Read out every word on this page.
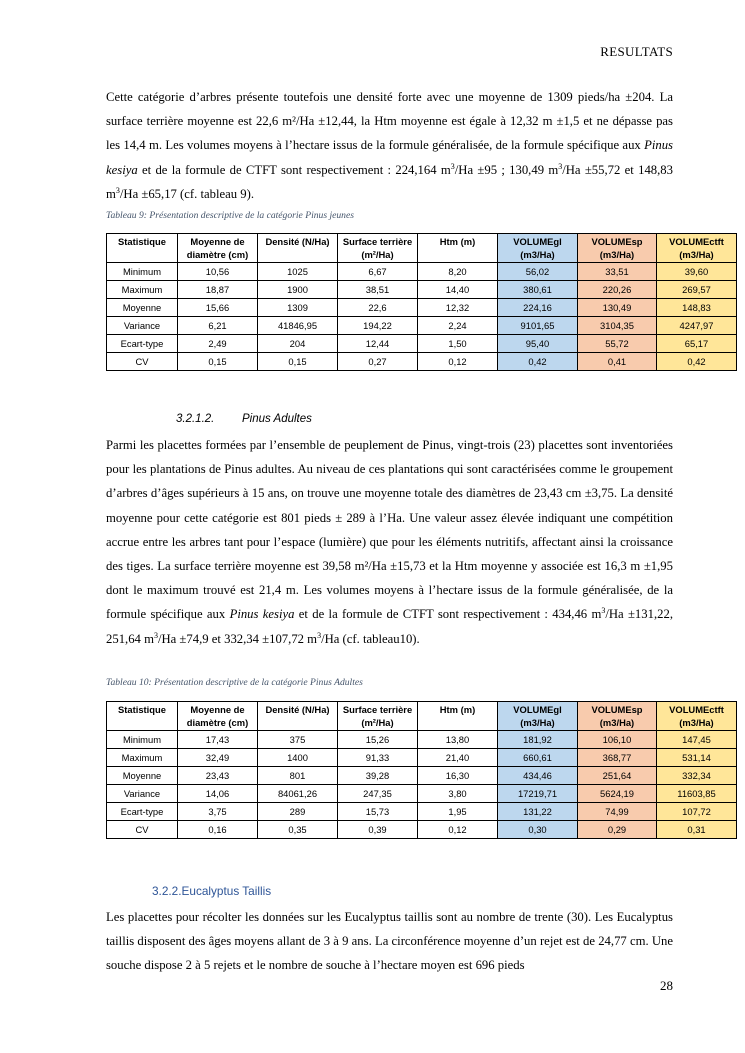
RESULTATS

Cette catégorie d’arbres présente toutefois une densité forte avec une moyenne de 1309 pieds/ha ±204. La surface terrière moyenne est 22,6 m²/Ha ±12,44, la Htm moyenne est égale à 12,32 m ±1,5 et ne dépasse pas les 14,4 m. Les volumes moyens à l’hectare issus de la formule généralisée, de la formule spécifique aux Pinus kesiya et de la formule de CTFT sont respectivement : 224,164 $m^3/Ha \pm 95$ ; 130,49 $m^3/Ha \pm 55,72$ et 148,83 $m^3/Ha \pm 65,17$ (cf. tableau 9).

Tableau 9: Présentation descriptive de la catégorie Pinus jeunes

Statistique	Moyenne de diamètre (cm)	Densité (N/Ha)	Surface terrière (m²/Ha)	Htm (m)	VOLUMEgl (m3/Ha)	VOLUMEsp (m3/Ha)	VOLUMEctft (m3/Ha)
Minimum	10,56	1025	6,67	8,20	56,02	33,51	39,60
Maximum	18,87	1900	38,51	14,40	380,61	220,26	269,57
Moyenne	15,66	1309	22,6	12,32	224,16	130,49	148,83
Variance	6,21	41846,95	194,22	2,24	9101,65	3104,35	4247,97
Ecart-type	2,49	204	12,44	1,50	95,40	55,72	65,17
CV	0,15	0,15	0,27	0,12	0,42	0,41	0,42
3.2.1.2. Pinus Adultes

Parmi les placettes formées par l’ensemble de peuplement de Pinus, vingt-trois (23) placettes sont inventoriées pour les plantations de Pinus adultes. Au niveau de ces plantations qui sont caractérisées comme le groupement d’arbres d’âges supérieurs à 15 ans, on trouve une moyenne totale des diamètres de 23,43 cm ±3,75. La densité moyenne pour cette catégorie est 801 pieds ± 289 à l’Ha. Une valeur assez élevée indiquant une compétition accrue entre les arbres tant pour l’espace (lumière) que pour les éléments nutritifs, affectant ainsi la croissance des tiges. La surface terrière moyenne est 39,58 m²/Ha ±15,73 et la Htm moyenne y associée est 16,3 m ±1,95 dont le maximum trouvé est 21,4 m. Les volumes moyens à l’hectare issus de la formule généralisée, de la formule spécifique aux Pinus kesiya et de la formule de CTFT sont respectivement : 434,46 $m^3/Ha \pm 131,22$, 251,64 $m^3/Ha \pm 74,9$ et 332,34 ±107,72 $m^3/Ha$ (cf. tableau10).

Tableau 10: Présentation descriptive de la catégorie Pinus Adultes

Statistique	Moyenne de diamètre (cm)	Densité (N/Ha)	Surface terrière (m²/Ha)	Htm (m)	VOLUMEgl (m3/Ha)	VOLUMEsp (m3/Ha)	VOLUMEctft (m3/Ha)
Minimum	17,43	375	15,26	13,80	181,92	106,10	147,45
Maximum	32,49	1400	91,33	21,40	660,61	368,77	531,14
Moyenne	23,43	801	39,28	16,30	434,46	251,64	332,34
Variance	14,06	84061,26	247,35	3,80	17219,71	5624,19	11603,85
Ecart-type	3,75	289	15,73	1,95	131,22	74,99	107,72
CV	0,16	0,35	0,39	0,12	0,30	0,29	0,31
3.2.2.Eucalyptus Taillis

Les placettes pour récolter les données sur les Eucalyptus taillis sont au nombre de trente (30). Les Eucalyptus taillis disposent des âges moyens allant de 3 à 9 ans. La circonférence moyenne d’un rejet est de 24,77 cm. Une souche dispose 2 à 5 rejets et le nombre de souche à l’hectare moyen est 696 pieds

28
